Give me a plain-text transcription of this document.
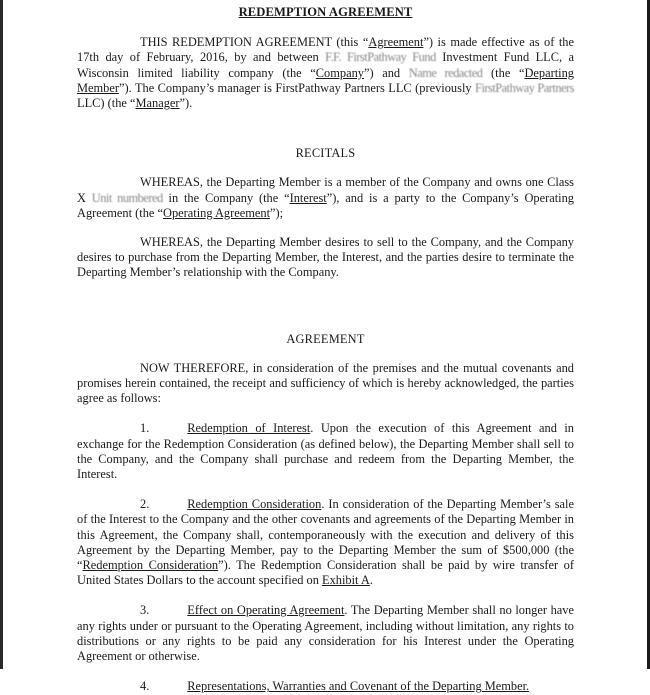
REDEMPTION AGREEMENT

THIS REDEMPTION AGREEMENT (this “Agreement”) is made effective as of the 17th day of February, 2016, by and between F.F. FirstPathway Fund Investment Fund LLC, a Wisconsin limited liability company (the “Company”) and Name redacted (the “Departing Member”). The Company’s manager is FirstPathway Partners LLC (previously FirstPathway Partners LLC) (the “Manager”).

RECITALS

WHEREAS, the Departing Member is a member of the Company and owns one Class X Unit numbered in the Company (the “Interest”), and is a party to the Company’s Operating Agreement (the “Operating Agreement”);

WHEREAS, the Departing Member desires to sell to the Company, and the Company desires to purchase from the Departing Member, the Interest, and the parties desire to terminate the Departing Member’s relationship with the Company.

AGREEMENT

NOW THEREFORE, in consideration of the premises and the mutual covenants and promises herein contained, the receipt and sufficiency of which is hereby acknowledged, the parties agree as follows:

1.	Redemption of Interest. Upon the execution of this Agreement and in exchange for the Redemption Consideration (as defined below), the Departing Member shall sell to the Company, and the Company shall purchase and redeem from the Departing Member, the Interest.

2.	Redemption Consideration. In consideration of the Departing Member’s sale of the Interest to the Company and the other covenants and agreements of the Departing Member in this Agreement, the Company shall, contemporaneously with the execution and delivery of this Agreement by the Departing Member, pay to the Departing Member the sum of $500,000 (the “Redemption Consideration”). The Redemption Consideration shall be paid by wire transfer of United States Dollars to the account specified on Exhibit A.

3.	Effect on Operating Agreement. The Departing Member shall no longer have any rights under or pursuant to the Operating Agreement, including without limitation, any rights to distributions or any rights to be paid any consideration for his Interest under the Operating Agreement or otherwise.

4.	Representations, Warranties and Covenant of the Departing Member.
